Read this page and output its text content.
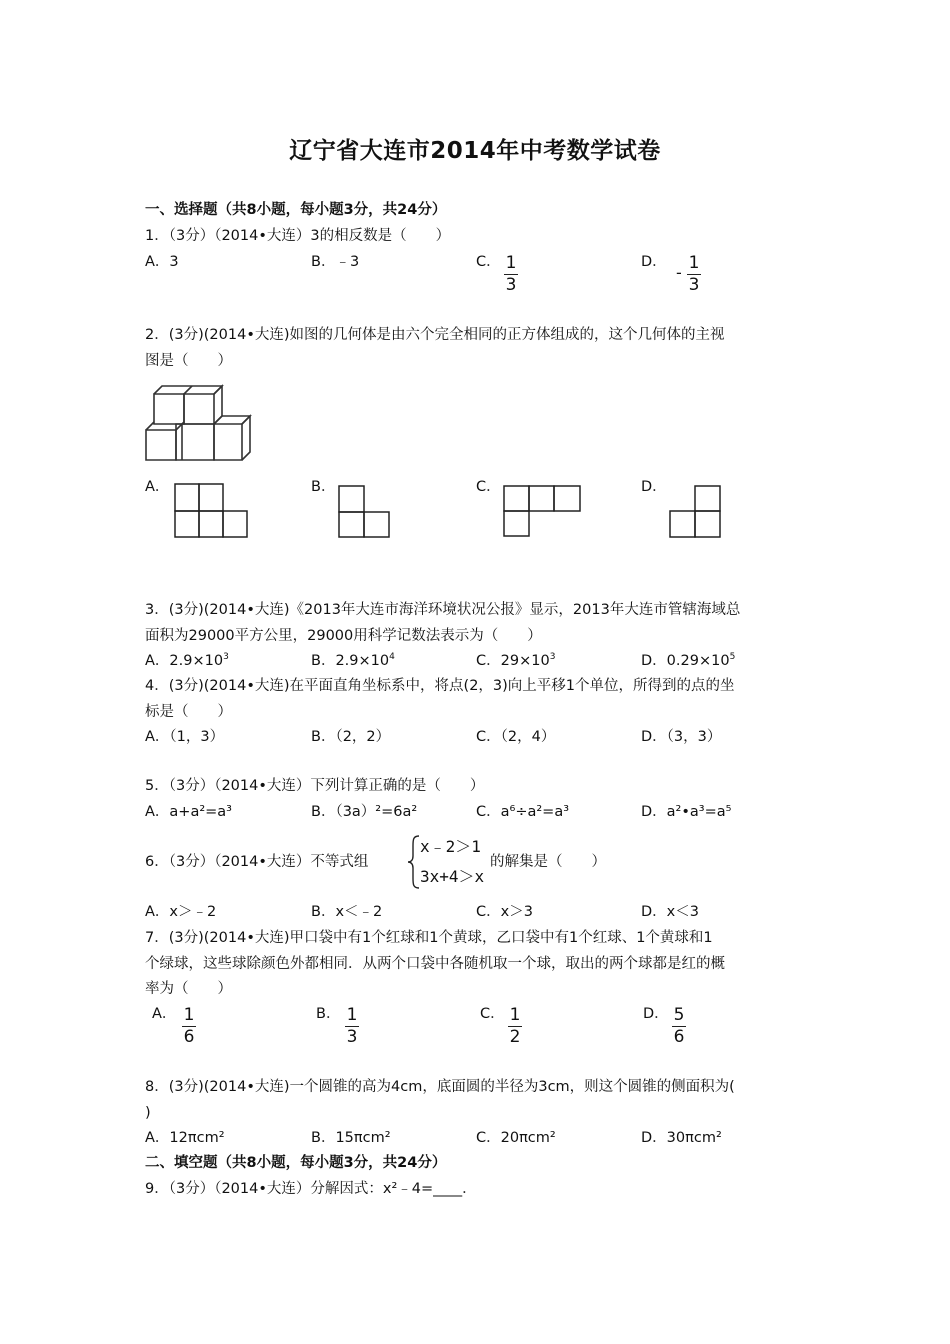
辽宁省大连市2014年中考数学试卷
一、选择题（共8小题，每小题3分，共24分）
1．（3分）（2014•大连）3的相反数是（　　）
A．3	B．﹣3	C． 1
3
D．
- 1
3
2．(3分)(2014•大连)如图的几何体是由六个完全相同的正方体组成的，这个几何体的主视
图是（　　）
A．	B．	C．	D．
3．(3分)(2014•大连)《2013年大连市海洋环境状况公报》显示，2013年大连市管辖海域总
面积为29000平方公里，29000用科学记数法表示为（　　）
A．$2.9\times 10^3$	B．$2.9\times 10^4$	C．$29\times 10^3$	D．$0.29\times 10^5$
4．(3分)(2014•大连)在平面直角坐标系中，将点(2，3)向上平移1个单位，所得到的点的坐
标是（　　）
A．（1，3）	B．（2，2）	C．（2，4）	D．（3，3）
5．（3分）（2014•大连）下列计算正确的是（　　）
A．a+a²=a³	B．（3a）²=6a²	C．a⁶÷a²=a³	D．a²•a³=a⁵
6．（3分）（2014•大连）不等式组
x﹣2＞1
3x+4＞x
的解集是（　　）
A．x＞﹣2	B．x＜﹣2	C．x＞3	D．x＜3
7．(3分)(2014•大连)甲口袋中有1个红球和1个黄球，乙口袋中有1个红球、1个黄球和1
个绿球，这些球除颜色外都相同．从两个口袋中各随机取一个球，取出的两个球都是红的概
率为（　　）
A． 1
6
B． 1
3
C． 1
2
D． 5
6
8．(3分)(2014•大连)一个圆锥的高为4cm，底面圆的半径为3cm，则这个圆锥的侧面积为(
)
A．12πcm²	B．15πcm²	C．20πcm²	D．30πcm²
二、填空题（共8小题，每小题3分，共24分）
9．（3分）（2014•大连）分解因式：x²﹣4=____．
